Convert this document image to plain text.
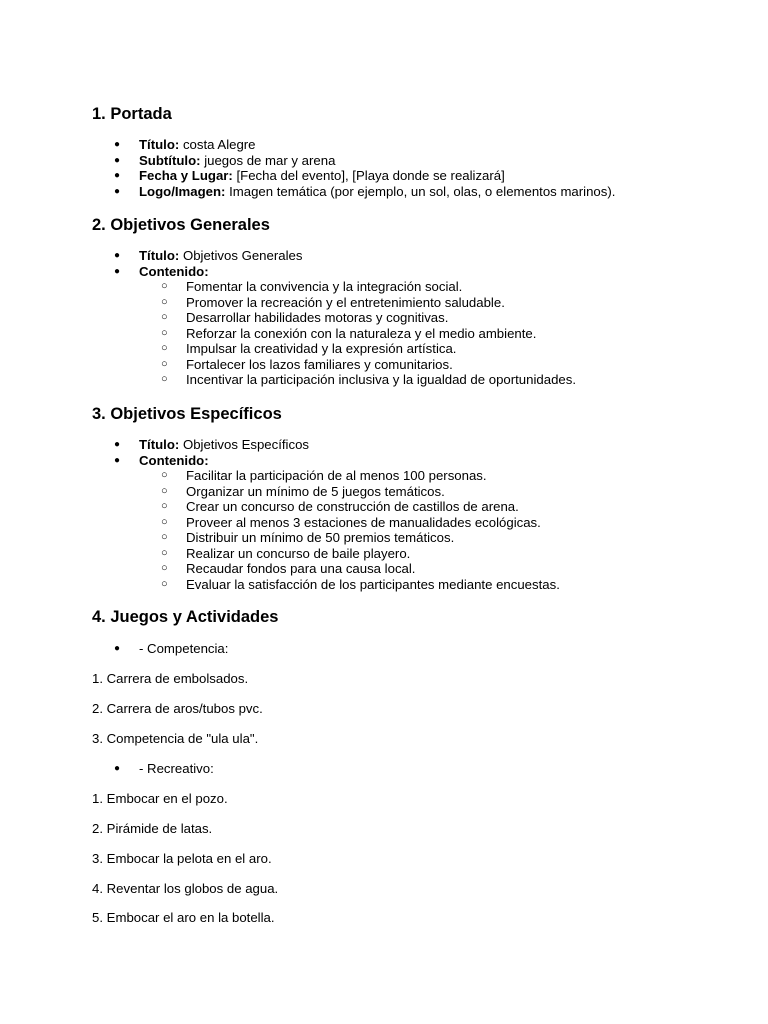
1. Portada
● Título: costa Alegre
● Subtítulo: juegos de mar y arena
● Fecha y Lugar: [Fecha del evento], [Playa donde se realizará]
● Logo/Imagen: Imagen temática (por ejemplo, un sol, olas, o elementos marinos).
2. Objetivos Generales
● Título: Objetivos Generales
● Contenido:
○ Fomentar la convivencia y la integración social.
○ Promover la recreación y el entretenimiento saludable.
○ Desarrollar habilidades motoras y cognitivas.
○ Reforzar la conexión con la naturaleza y el medio ambiente.
○ Impulsar la creatividad y la expresión artística.
○ Fortalecer los lazos familiares y comunitarios.
○ Incentivar la participación inclusiva y la igualdad de oportunidades.
3. Objetivos Específicos
● Título: Objetivos Específicos
● Contenido:
○ Facilitar la participación de al menos 100 personas.
○ Organizar un mínimo de 5 juegos temáticos.
○ Crear un concurso de construcción de castillos de arena.
○ Proveer al menos 3 estaciones de manualidades ecológicas.
○ Distribuir un mínimo de 50 premios temáticos.
○ Realizar un concurso de baile playero.
○ Recaudar fondos para una causa local.
○ Evaluar la satisfacción de los participantes mediante encuestas.
4. Juegos y Actividades
● - Competencia:
1. Carrera de embolsados.
2. Carrera de aros/tubos pvc.
3. Competencia de "ula ula".
● - Recreativo:
1. Embocar en el pozo.
2. Pirámide de latas.
3. Embocar la pelota en el aro.
4. Reventar los globos de agua.
5. Embocar el aro en la botella.
